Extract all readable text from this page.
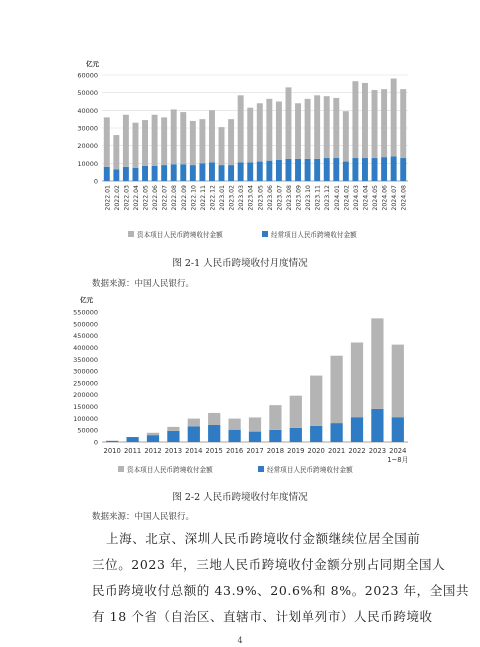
亿元
0
10000
20000
30000
40000
50000
60000
2022.01 2022.02 2022.03 2022.04 2022.05 2022.06 2022.07 2022.08 2022.09 2022.10 2022.11 2022.12 2023.01 2023.02 2023.03 2023.04 2023.05 2023.06 2023.07 2023.08 2023.09 2023.10 2023.11 2023.12 2024.01 2024.02 2024.03 2024.04 2024.05 2024.06 2024.07 2024.08
资本项目人民币跨境收付金额	经常项目人民币跨境收付金额
图 2-1 人民币跨境收付月度情况
数据来源：中国人民银行。
亿元
0
50000
100000
150000
200000
250000
300000
350000
400000
450000
500000
550000
2010 2011 2012 2013 2014 2015 2016 2017 2018 2019 2020 2021 2022 2023 2024 1~8月
资本项目人民币跨境收付金额	经常项目人民币跨境收付金额
图 2-2 人民币跨境收付年度情况
数据来源：中国人民银行。
上海、北京、深圳人民币跨境收付金额继续位居全国前
三位。2023 年，三地人民币跨境收付金额分别占同期全国人
民币跨境收付总额的 43.9%、20.6%和 8%。2023 年，全国共
有 18 个省（自治区、直辖市、计划单列市）人民币跨境收
4
